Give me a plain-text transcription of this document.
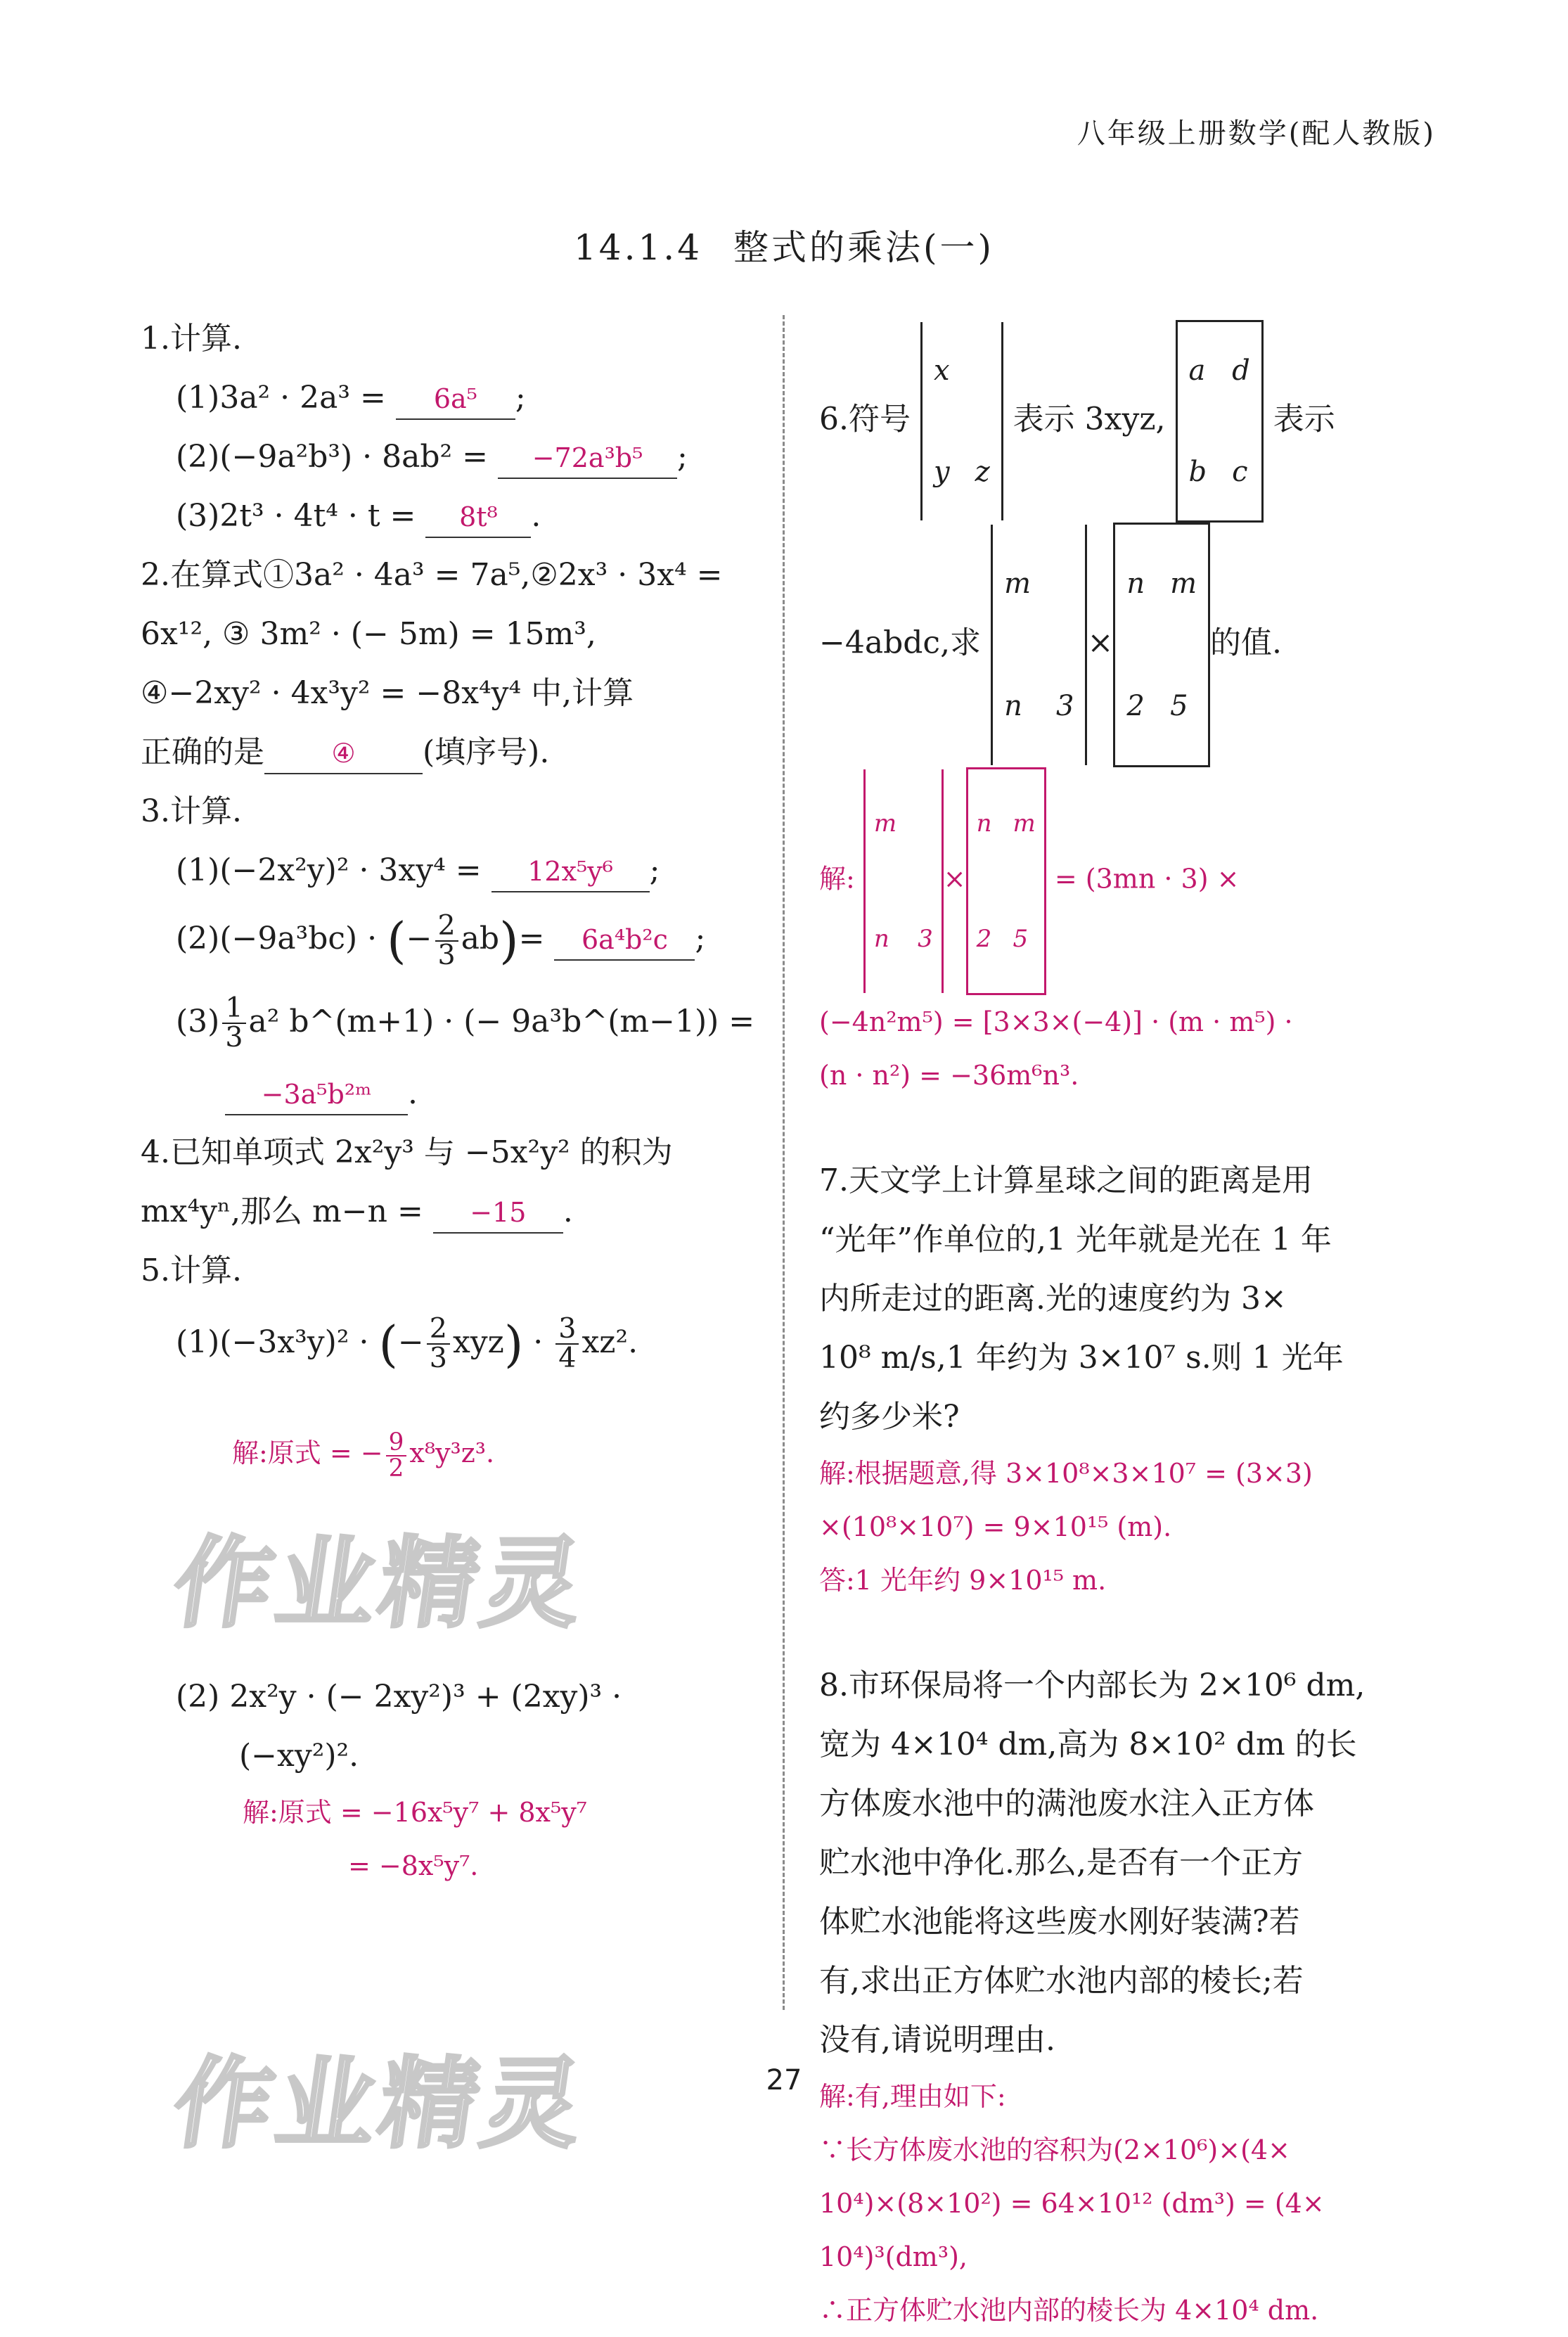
八年级上册数学(配人教版)
14.1.4 整式的乘法(一)
1.计算.
(1)3a² · 2a³ = 6a⁵ ;
(2)(−9a²b³) · 8ab² = −72a³b⁵ ;
(3)2t³ · 4t⁴ · t = 8t⁸ .
2.在算式①3a² · 4a³ = 7a⁵,②2x³ · 3x⁴ =
6x¹², ③ 3m² · (− 5m) = 15m³,
④−2xy² · 4x³y² = −8x⁴y⁴ 中,计算
正确的是	④ (填序号).
3.计算.
(1)(−2x²y)² · 3xy⁴ = 12x⁵y⁶ ;
(2)(−9a³bc) · (− $\frac{2}{3} ab)= 6a^4b^2c$ ;
$(3) \frac{1}{3} a^2$ b^(m+1) · (− 9a³b^(m−1)) =
−3a⁵b²ᵐ .
4.已知单项式 2x²y³ 与 −5x²y² 的积为
mx⁴yⁿ,那么 m−n = −15 .
5.计算.
(1)(−3x³y)² · (− $\frac{2}{3} xyz) \cdot \frac{3}{4} xz^2$.
解:原式 = − $\frac{9}{2} x^8y^3z^3$.
(2) 2x²y · (− 2xy²)³ + (2xy)³ ·
(−xy²)².
解:原式 = −16x⁵y⁷ + 8x⁵y⁷
= −8x⁵y⁷.
6.符号
x
y z
表示 3xyz,
a d
b c
表示
−4abdc,求
m
n	3
×
n m
2 5
的值.
解:
m
n	3
×
n m
2 5
= (3mn · 3) ×
(−4n²m⁵) = [3×3×(−4)] · (m · m⁵) ·
(n · n²) = −36m⁶n³.
7.天文学上计算星球之间的距离是用
“光年”作单位的,1 光年就是光在 1 年
内所走过的距离.光的速度约为 3×
10⁸ m/s,1 年约为 3×10⁷ s.则 1 光年
约多少米?
解:根据题意,得 3×10⁸×3×10⁷ = (3×3)
×(10⁸×10⁷) = 9×10¹⁵ (m).
答:1 光年约 9×10¹⁵ m.
8.市环保局将一个内部长为 2×10⁶ dm,
宽为 4×10⁴ dm,高为 8×10² dm 的长
方体废水池中的满池废水注入正方体
贮水池中净化.那么,是否有一个正方
体贮水池能将这些废水刚好装满?若
有,求出正方体贮水池内部的棱长;若
没有,请说明理由.
解:有,理由如下:
∵长方体废水池的容积为(2×10⁶)×(4×
10⁴)×(8×10²) = 64×10¹² (dm³) = (4×
10⁴)³(dm³),
∴正方体贮水池内部的棱长为 4×10⁴ dm.
作业精灵
作业精灵	27
